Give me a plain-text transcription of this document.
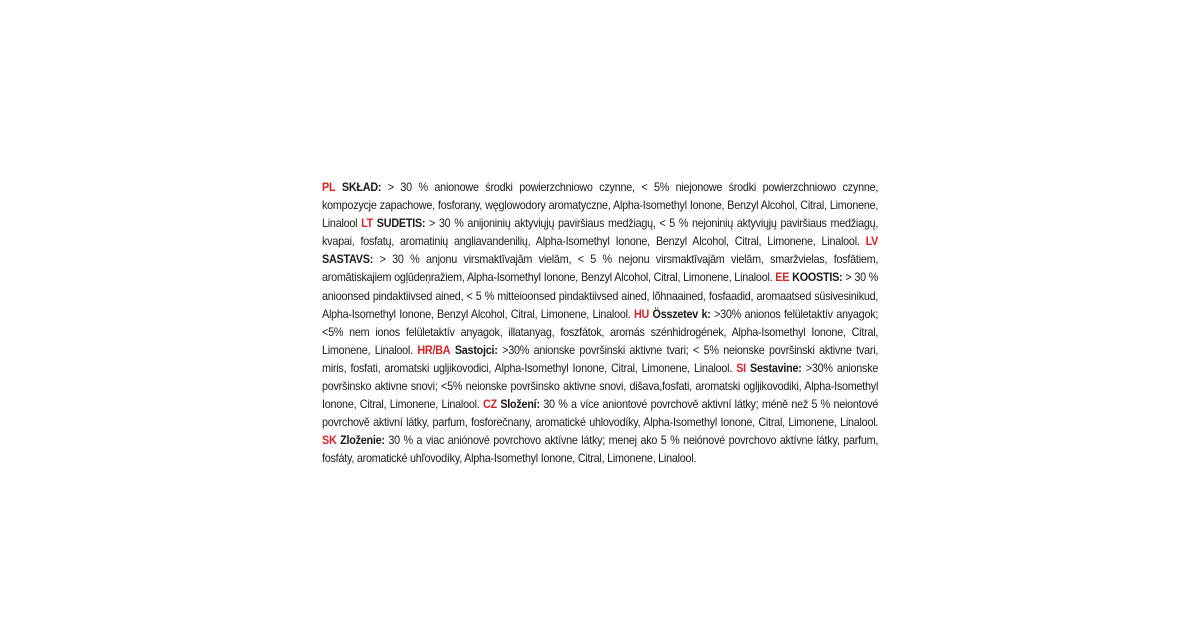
PL SKŁAD: > 30 % anionowe środki powierzchniowo czynne, < 5% niejonowe środki powierzchniowo czynne, kompozycje zapachowe, fosforany, węglowodory aromatyczne, Alpha-Isomethyl Ionone, Benzyl Alcohol, Citral, Limonene, Linalool LT SUDETIS: > 30 % anijoninių aktyviųjų paviršiaus medžiagų, < 5 % nejoninių aktyviųjų paviršiaus medžiagų, kvapai, fosfatų, aromatinių angliavandenilių, Alpha-Isomethyl Ionone, Benzyl Alcohol, Citral, Limonene, Linalool. LV SASTAVS: > 30 % anjonu virsmaktīvajām vielām, < 5 % nejonu virsmaktīvajām vielām, smaržvielas, fosfātiem, aromātiskajiem ogļūdeņražiem, Alpha-Isomethyl Ionone, Benzyl Alcohol, Citral, Limonene, Linalool. EE KOOSTIS: > 30 % anioonsed pindaktiivsed ained, < 5 % mitteioonsed pindaktiivsed ained, lõhnaained, fosfaadid, aromaatsed süsivesinikud, Alpha-Isomethyl Ionone, Benzyl Alcohol, Citral, Limonene, Linalool. HU Összetev k: >30% anionos felületaktív anyagok; <5% nem ionos felületaktív anyagok, illatanyag, foszfátok, aromás szénhidrogének, Alpha-Isomethyl Ionone, Citral, Limonene, Linalool. HR/BA Sastojci: >30% anionske površinski aktivne tvari; < 5% neionske površinski aktivne tvari, miris, fosfati, aromatski ugljikovodici, Alpha-Isomethyl Ionone, Citral, Limonene, Linalool. SI Sestavine: >30% anionske površinsko aktivne snovi; <5% neionske površinsko aktivne snovi, dišava,fosfati, aromatski ogljikovodiki, Alpha-Isomethyl Ionone, Citral, Limonene, Linalool. CZ Složení: 30 % a více aniontové povrchově aktivní látky; méně než 5 % neiontové povrchově aktivní látky, parfum, fosforečnany, aromatické uhlovodíky, Alpha-Isomethyl Ionone, Citral, Limonene, Linalool. SK Zloženie: 30 % a viac aniónové povrchovo aktívne látky; menej ako 5 % neiónové povrchovo aktívne látky, parfum, fosfáty, aromatické uhľovodíky, Alpha-Isomethyl Ionone, Citral, Limonene, Linalool.
